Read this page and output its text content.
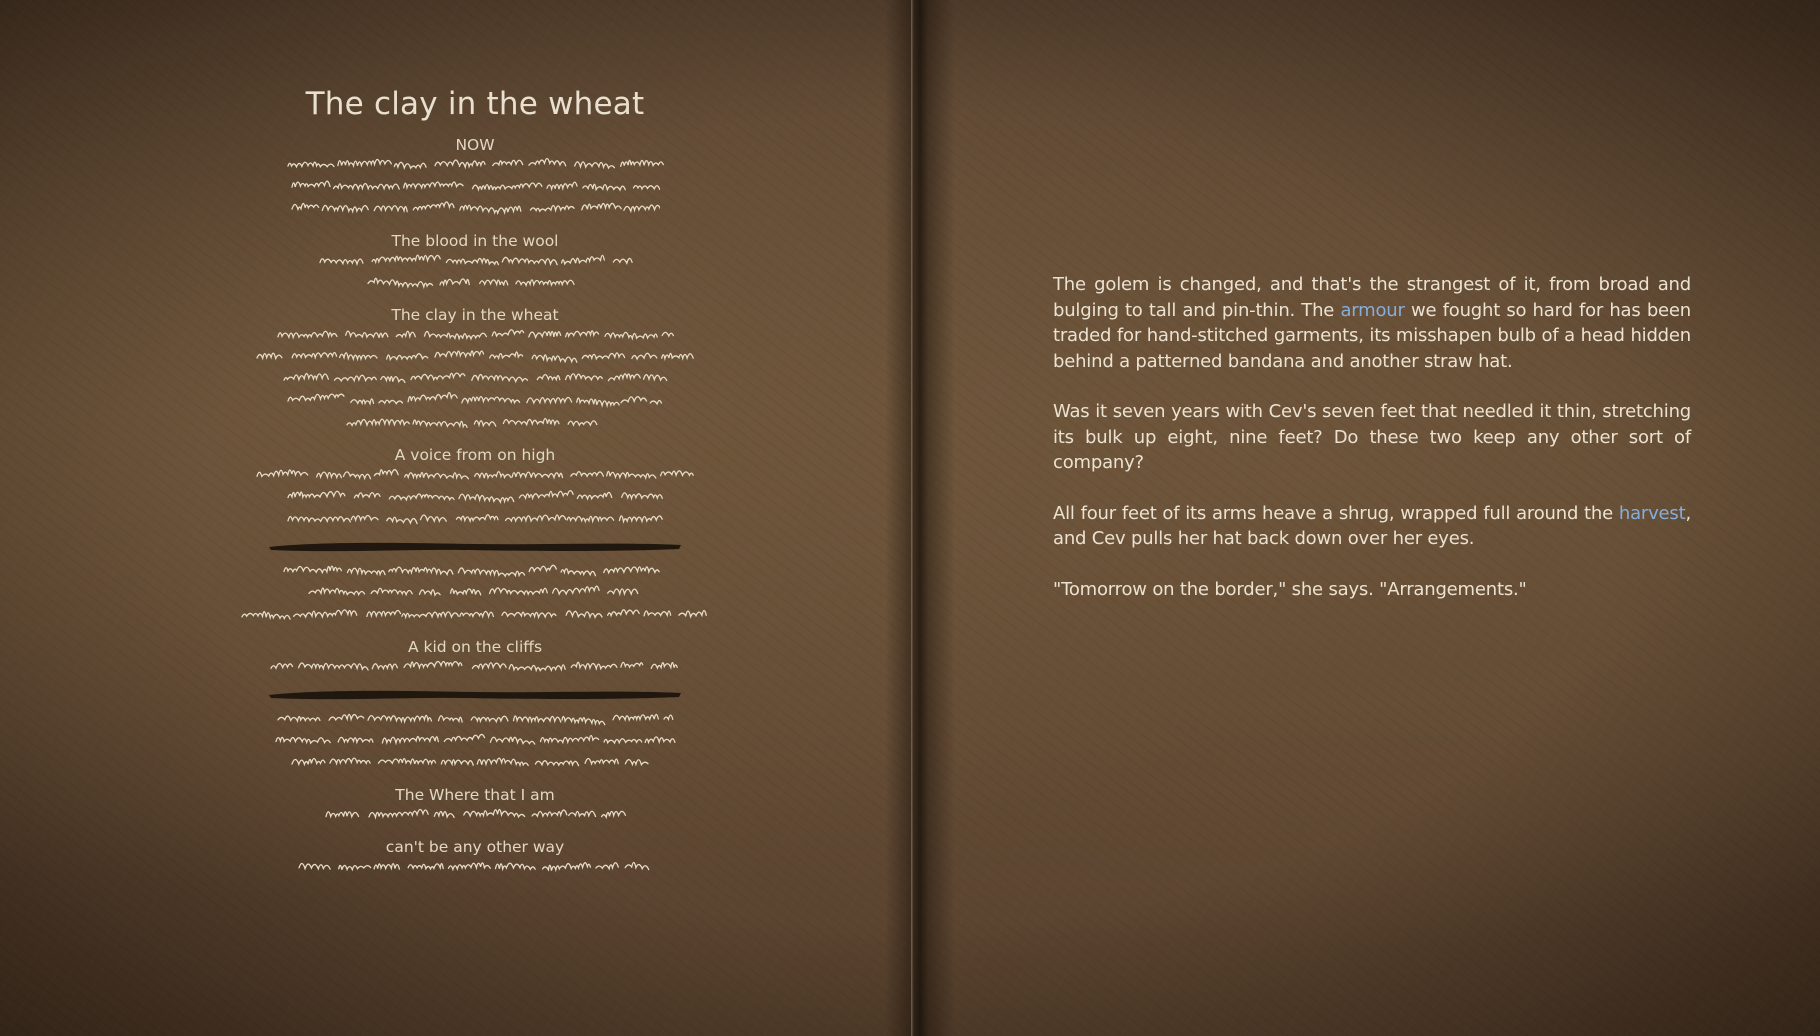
The clay in the wheat
NOW
The blood in the wool
The clay in the wheat
A voice from on high
A kid on the cliffs
The Where that I am
can't be any other way

The golem is changed, and that's the strangest of it, from broad and bulging to tall and pin-thin. The armour we fought so hard for has been traded for hand-stitched garments, its misshapen bulb of a head hidden behind a patterned bandana and another straw hat.

Was it seven years with Cev's seven feet that needled it thin, stretching its bulk up eight, nine feet? Do these two keep any other sort of company?

All four feet of its arms heave a shrug, wrapped full around the harvest, and Cev pulls her hat back down over her eyes.

"Tomorrow on the border," she says. "Arrangements."
